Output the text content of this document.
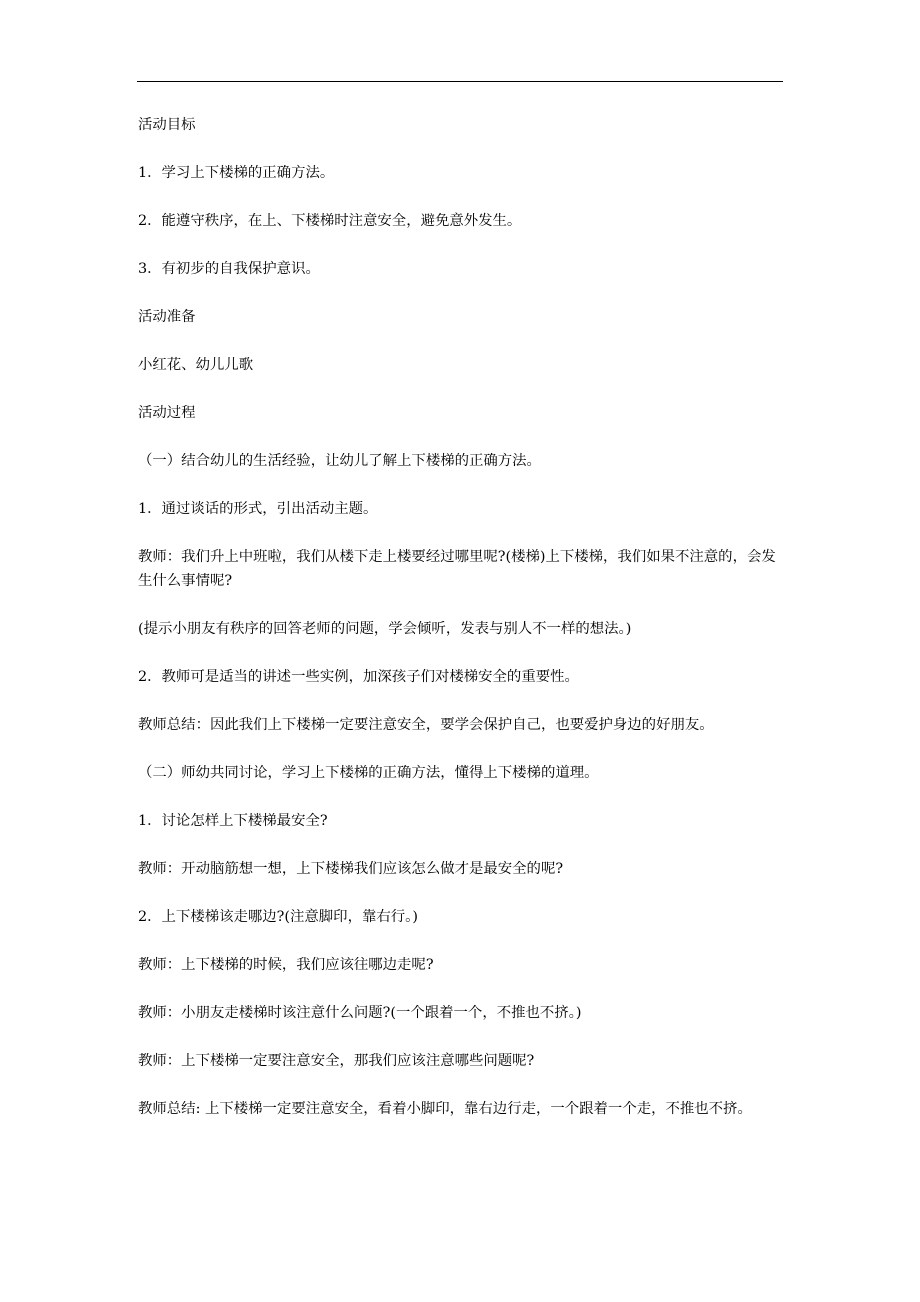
活动目标

1．学习上下楼梯的正确方法。

2．能遵守秩序，在上、下楼梯时注意安全，避免意外发生。

3．有初步的自我保护意识。

活动准备

小红花、幼儿儿歌

活动过程

（一）结合幼儿的生活经验，让幼儿了解上下楼梯的正确方法。

1．通过谈话的形式，引出活动主题。

教师：我们升上中班啦，我们从楼下走上楼要经过哪里呢?(楼梯)上下楼梯，我们如果不注意的，会发生什么事情呢?

(提示小朋友有秩序的回答老师的问题，学会倾听，发表与别人不一样的想法。)

2．教师可是适当的讲述一些实例，加深孩子们对楼梯安全的重要性。

教师总结：因此我们上下楼梯一定要注意安全，要学会保护自己，也要爱护身边的好朋友。

（二）师幼共同讨论，学习上下楼梯的正确方法，懂得上下楼梯的道理。

1．讨论怎样上下楼梯最安全?

教师：开动脑筋想一想，上下楼梯我们应该怎么做才是最安全的呢?

2．上下楼梯该走哪边?(注意脚印，靠右行。)

教师：上下楼梯的时候，我们应该往哪边走呢?

教师：小朋友走楼梯时该注意什么问题?(一个跟着一个，不推也不挤。)

教师：上下楼梯一定要注意安全，那我们应该注意哪些问题呢?

教师总结: 上下楼梯一定要注意安全，看着小脚印，靠右边行走，一个跟着一个走，不推也不挤。
